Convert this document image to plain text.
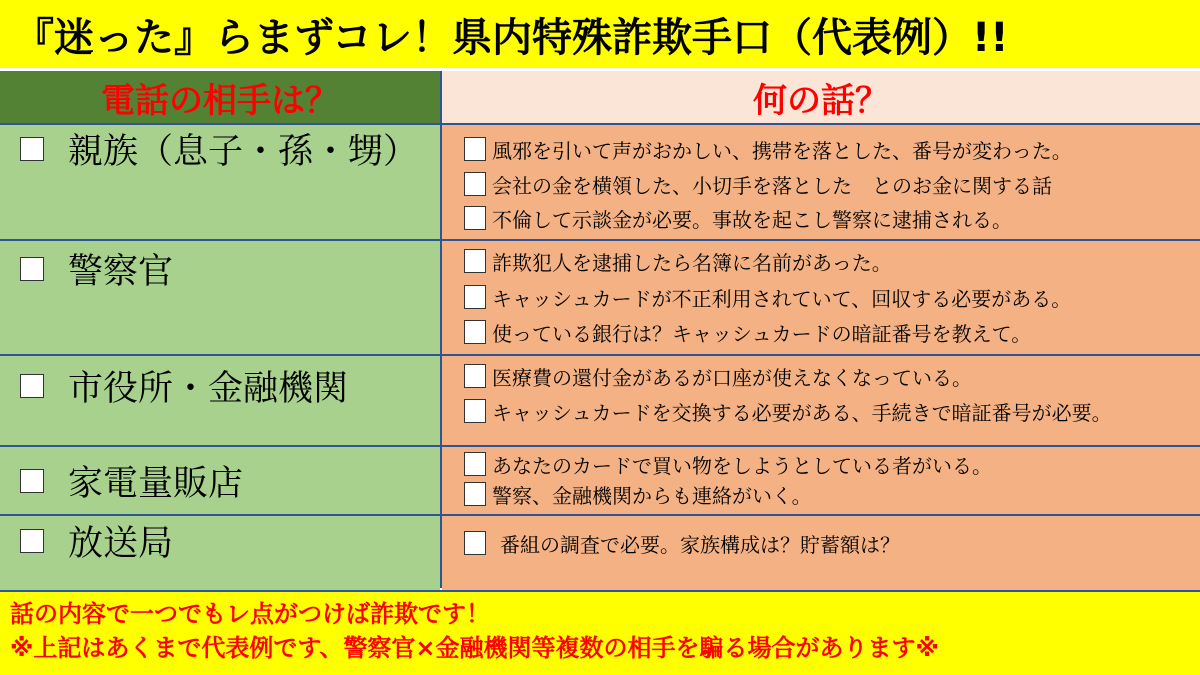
『迷った』らまずコレ！県内特殊詐欺手口（代表例）!!
電話の相手は？	何の話？
親族（息子・孫・甥）	風邪を引いて声がおかしい、携帯を落とした、番号が変わった。
会社の金を横領した、小切手を落とした　とのお金に関する話
不倫して示談金が必要。事故を起こし警察に逮捕される。
警察官	詐欺犯人を逮捕したら名簿に名前があった。
キャッシュカードが不正利用されていて、回収する必要がある。
使っている銀行は？キャッシュカードの暗証番号を教えて。
市役所・金融機関	医療費の還付金があるが口座が使えなくなっている。
キャッシュカードを交換する必要がある、手続きで暗証番号が必要。
家電量販店	あなたのカードで買い物をしようとしている者がいる。
警察、金融機関からも連絡がいく。
放送局	番組の調査で必要。家族構成は？貯蓄額は？
話の内容で一つでもレ点がつけば詐欺です！
※上記はあくまで代表例です、警察官×金融機関等複数の相手を騙る場合があります※
